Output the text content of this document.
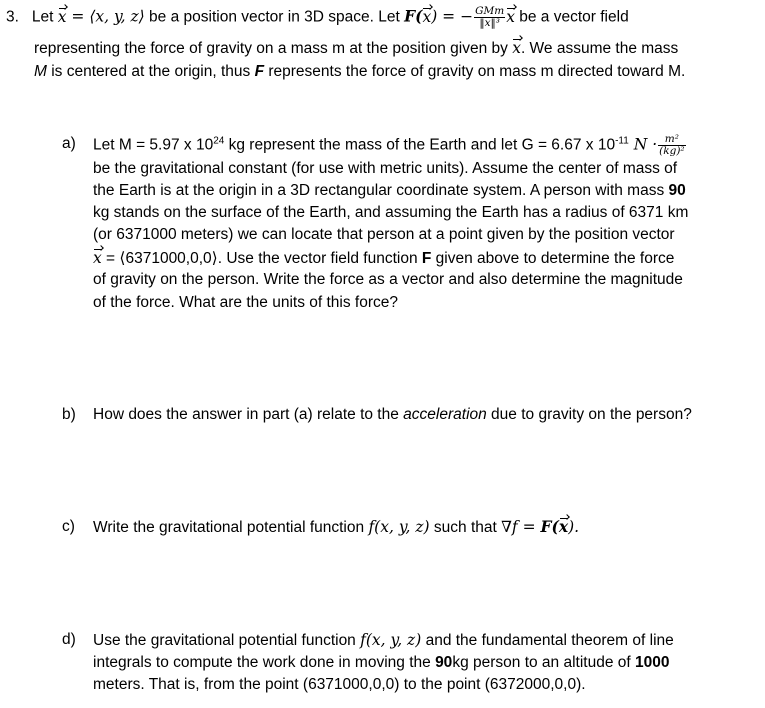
3. Let x = ⟨x, y, z⟩ be a position vector in 3D space. Let F(x) = − $\frac{\text{GMm}}{\text{‖x‖³}}$ x be a vector field
representing the force of gravity on a mass m at the position given by x. We assume the mass
M is centered at the origin, thus F represents the force of gravity on mass m directed toward M.
a) Let M = 5.97 x $10^{24}$ kg represent the mass of the Earth and let G = 6.67 x $10^{-11}$ $N \cdot \frac{\text{m²}}{\text{(kg)²}}$
be the gravitational constant (for use with metric units). Assume the center of mass of
the Earth is at the origin in a 3D rectangular coordinate system. A person with mass 90
kg stands on the surface of the Earth, and assuming the Earth has a radius of 6371 km
(or 6371000 meters) we can locate that person at a point given by the position vector
x = ⟨6371000,0,0⟩. Use the vector field function F given above to determine the force
of gravity on the person. Write the force as a vector and also determine the magnitude
of the force. What are the units of this force?
b) How does the answer in part (a) relate to the acceleration due to gravity on the person?
c) Write the gravitational potential function f(x, y, z) such that ∇f = F(x).
d) Use the gravitational potential function f(x, y, z) and the fundamental theorem of line
integrals to compute the work done in moving the 90kg person to an altitude of 1000
meters. That is, from the point (6371000,0,0) to the point (6372000,0,0).
